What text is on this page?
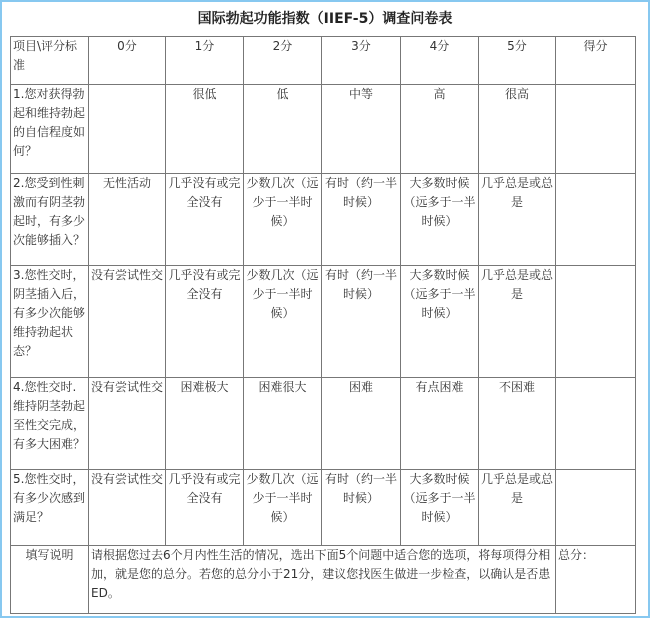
国际勃起功能指数（IIEF-5）调查问卷表
项目\评分标准	0分	1分	2分	3分	4分	5分	得分
1.您对获得勃起和维持勃起的自信程度如何？		很低	低	中等	高	很高	
2.您受到性刺激而有阴茎勃起时，有多少次能够插入？	无性活动	几乎没有或完全没有	少数几次（远少于一半时候）	有时（约一半时候）	大多数时候（远多于一半时候）	几乎总是或总是	
3.您性交时，阴茎插入后，有多少次能够维持勃起状态？	没有尝试性交	几乎没有或完全没有	少数几次（远少于一半时候）	有时（约一半时候）	大多数时候（远多于一半时候）	几乎总是或总是	
4.您性交时.维持阴茎勃起至性交完成，有多大困难？	没有尝试性交	困难极大	困难很大	困难	有点困难	不困难	
5.您性交时，有多少次感到满足？	没有尝试性交	几乎没有或完全没有	少数几次（远少于一半时候）	有时（约一半时候）	大多数时候（远多于一半时候）	几乎总是或总是	
填写说明	请根据您过去6个月内性生活的情况，选出下面5个问题中适合您的选项，将每项得分相加，就是您的总分。若您的总分小于21分，建议您找医生做进一步检查，以确认是否患ED。						总分：
